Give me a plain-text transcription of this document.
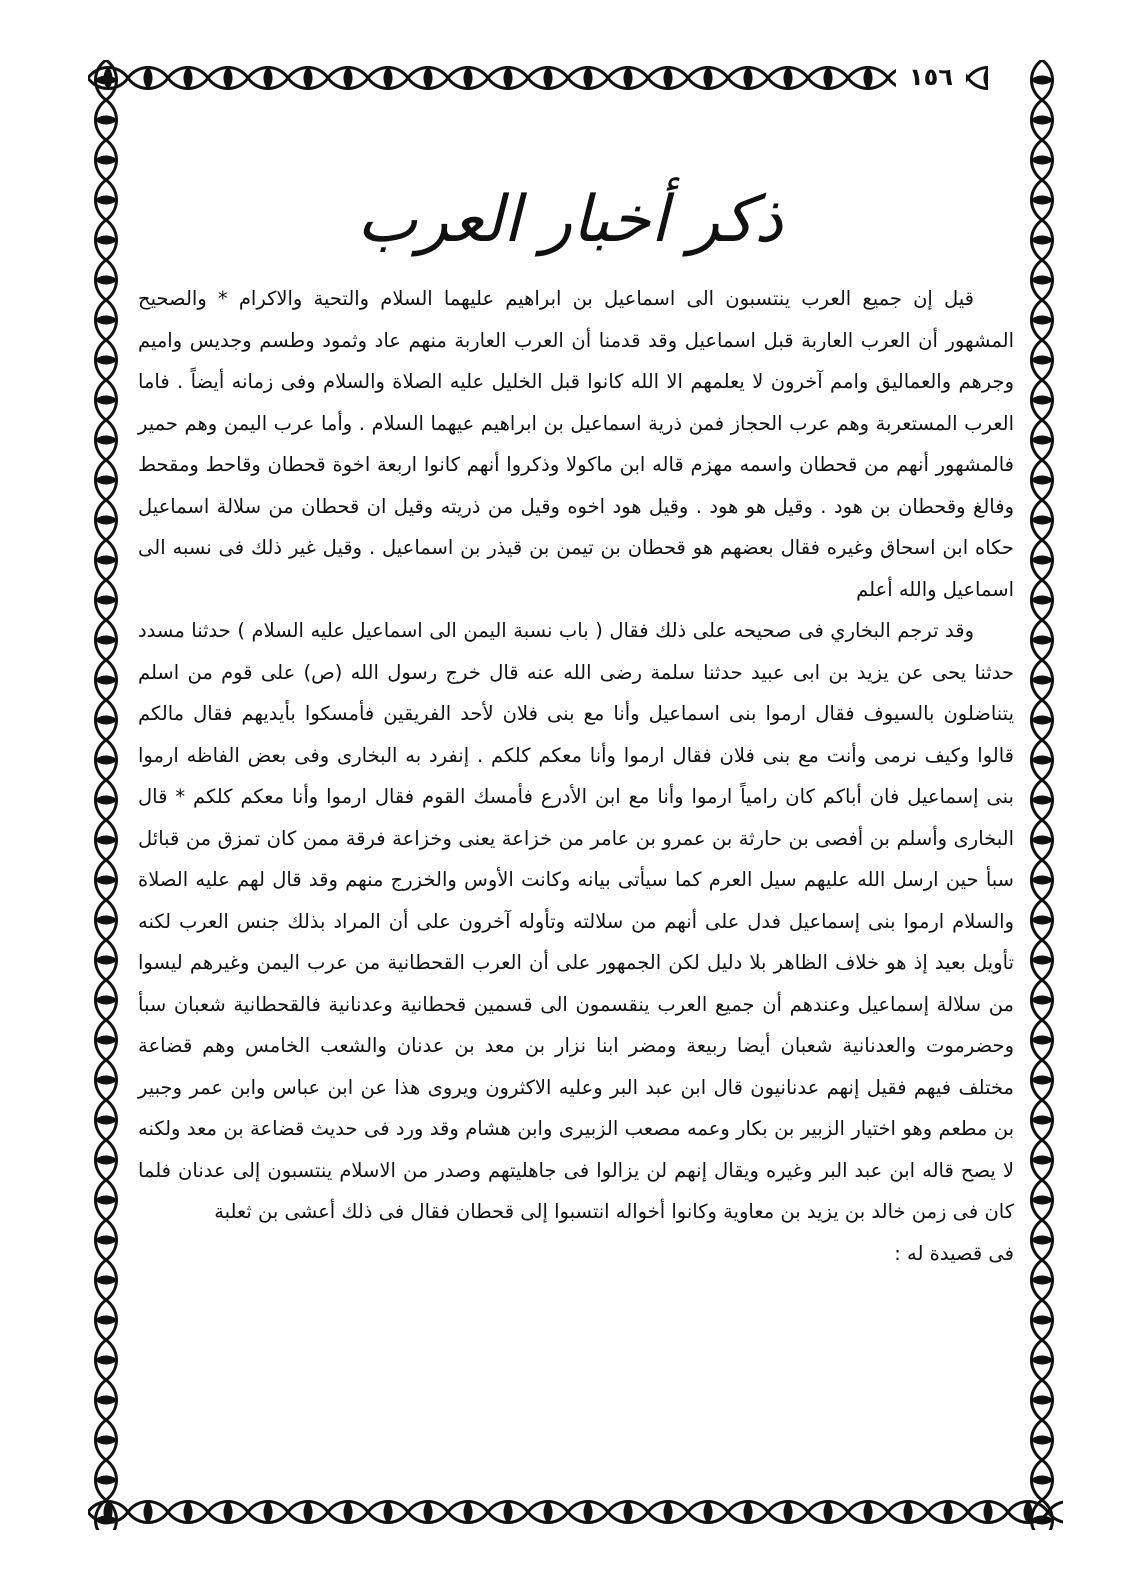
١٥٦
ذكر أخبار العرب

قيل إن جميع العرب ينتسبون الى اسماعيل بن ابراهيم عليهما السلام والتحية والاكرام * والصحيح المشهور أن العرب العاربة قبل اسماعيل وقد قدمنا أن العرب العاربة منهم عاد وثمود وطسم وجديس واميم وجرهم والعماليق وامم آخرون لا يعلمهم الا الله كانوا قبل الخليل عليه الصلاة والسلام وفى زمانه أيضاً . فاما العرب المستعربة وهم عرب الحجاز فمن ذرية اسماعيل بن ابراهيم عيهما السلام . وأما عرب اليمن وهم حمير فالمشهور أنهم من قحطان واسمه مهزم قاله ابن ماكولا وذكروا أنهم كانوا اربعة اخوة قحطان وقاحط ومقحط وفالغ وقحطان بن هود . وقيل هو هود . وقيل هود اخوه وقيل من ذريته وقيل ان قحطان من سلالة اسماعيل حكاه ابن اسحاق وغيره فقال بعضهم هو قحطان بن تيمن بن قيذر بن اسماعيل . وقيل غير ذلك فى نسبه الى اسماعيل والله أعلم

وقد ترجم البخاري فى صحيحه على ذلك فقال ( باب نسبة اليمن الى اسماعيل عليه السلام ) حدثنا مسدد حدثنا يحى عن يزيد بن ابى عبيد حدثنا سلمة رضى الله عنه قال خرج رسول الله (ص) على قوم من اسلم يتناضلون بالسيوف فقال ارموا بنى اسماعيل وأنا مع بنى فلان لأحد الفريقين فأمسكوا بأيديهم فقال مالكم قالوا وكيف نرمى وأنت مع بنى فلان فقال ارموا وأنا معكم كلكم . إنفرد به البخارى وفى بعض الفاظه ارموا بنى إسماعيل فان أباكم كان رامياً ارموا وأنا مع ابن الأدرع فأمسك القوم فقال ارموا وأنا معكم كلكم * قال البخارى وأسلم بن أفصى بن حارثة بن عمرو بن عامر من خزاعة يعنى وخزاعة فرقة ممن كان تمزق من قبائل سبأ حين ارسل الله عليهم سيل العرم كما سيأتى بيانه وكانت الأوس والخزرج منهم وقد قال لهم عليه الصلاة والسلام ارموا بنى إسماعيل فدل على أنهم من سلالته وتأوله آخرون على أن المراد بذلك جنس العرب لكنه تأويل بعيد إذ هو خلاف الظاهر بلا دليل لكن الجمهور على أن العرب القحطانية من عرب اليمن وغيرهم ليسوا من سلالة إسماعيل وعندهم أن جميع العرب ينقسمون الى قسمين قحطانية وعدنانية فالقحطانية شعبان سبأ وحضرموت والعدنانية شعبان أيضا ربيعة ومضر ابنا نزار بن معد بن عدنان والشعب الخامس وهم قضاعة مختلف فيهم فقيل إنهم عدنانيون قال ابن عبد البر وعليه الاكثرون ويروى هذا عن ابن عباس وابن عمر وجبير بن مطعم وهو اختيار الزبير بن بكار وعمه مصعب الزبيرى وابن هشام وقد ورد فى حديث قضاعة بن معد ولكنه لا يصح قاله ابن عبد البر وغيره ويقال إنهم لن يزالوا فى جاهليتهم وصدر من الاسلام ينتسبون إلى عدنان فلما كان فى زمن خالد بن يزيد بن معاوية وكانوا أخواله انتسبوا إلى قحطان فقال فى ذلك أعشى بن ثعلبة

فى قصيدة له :
